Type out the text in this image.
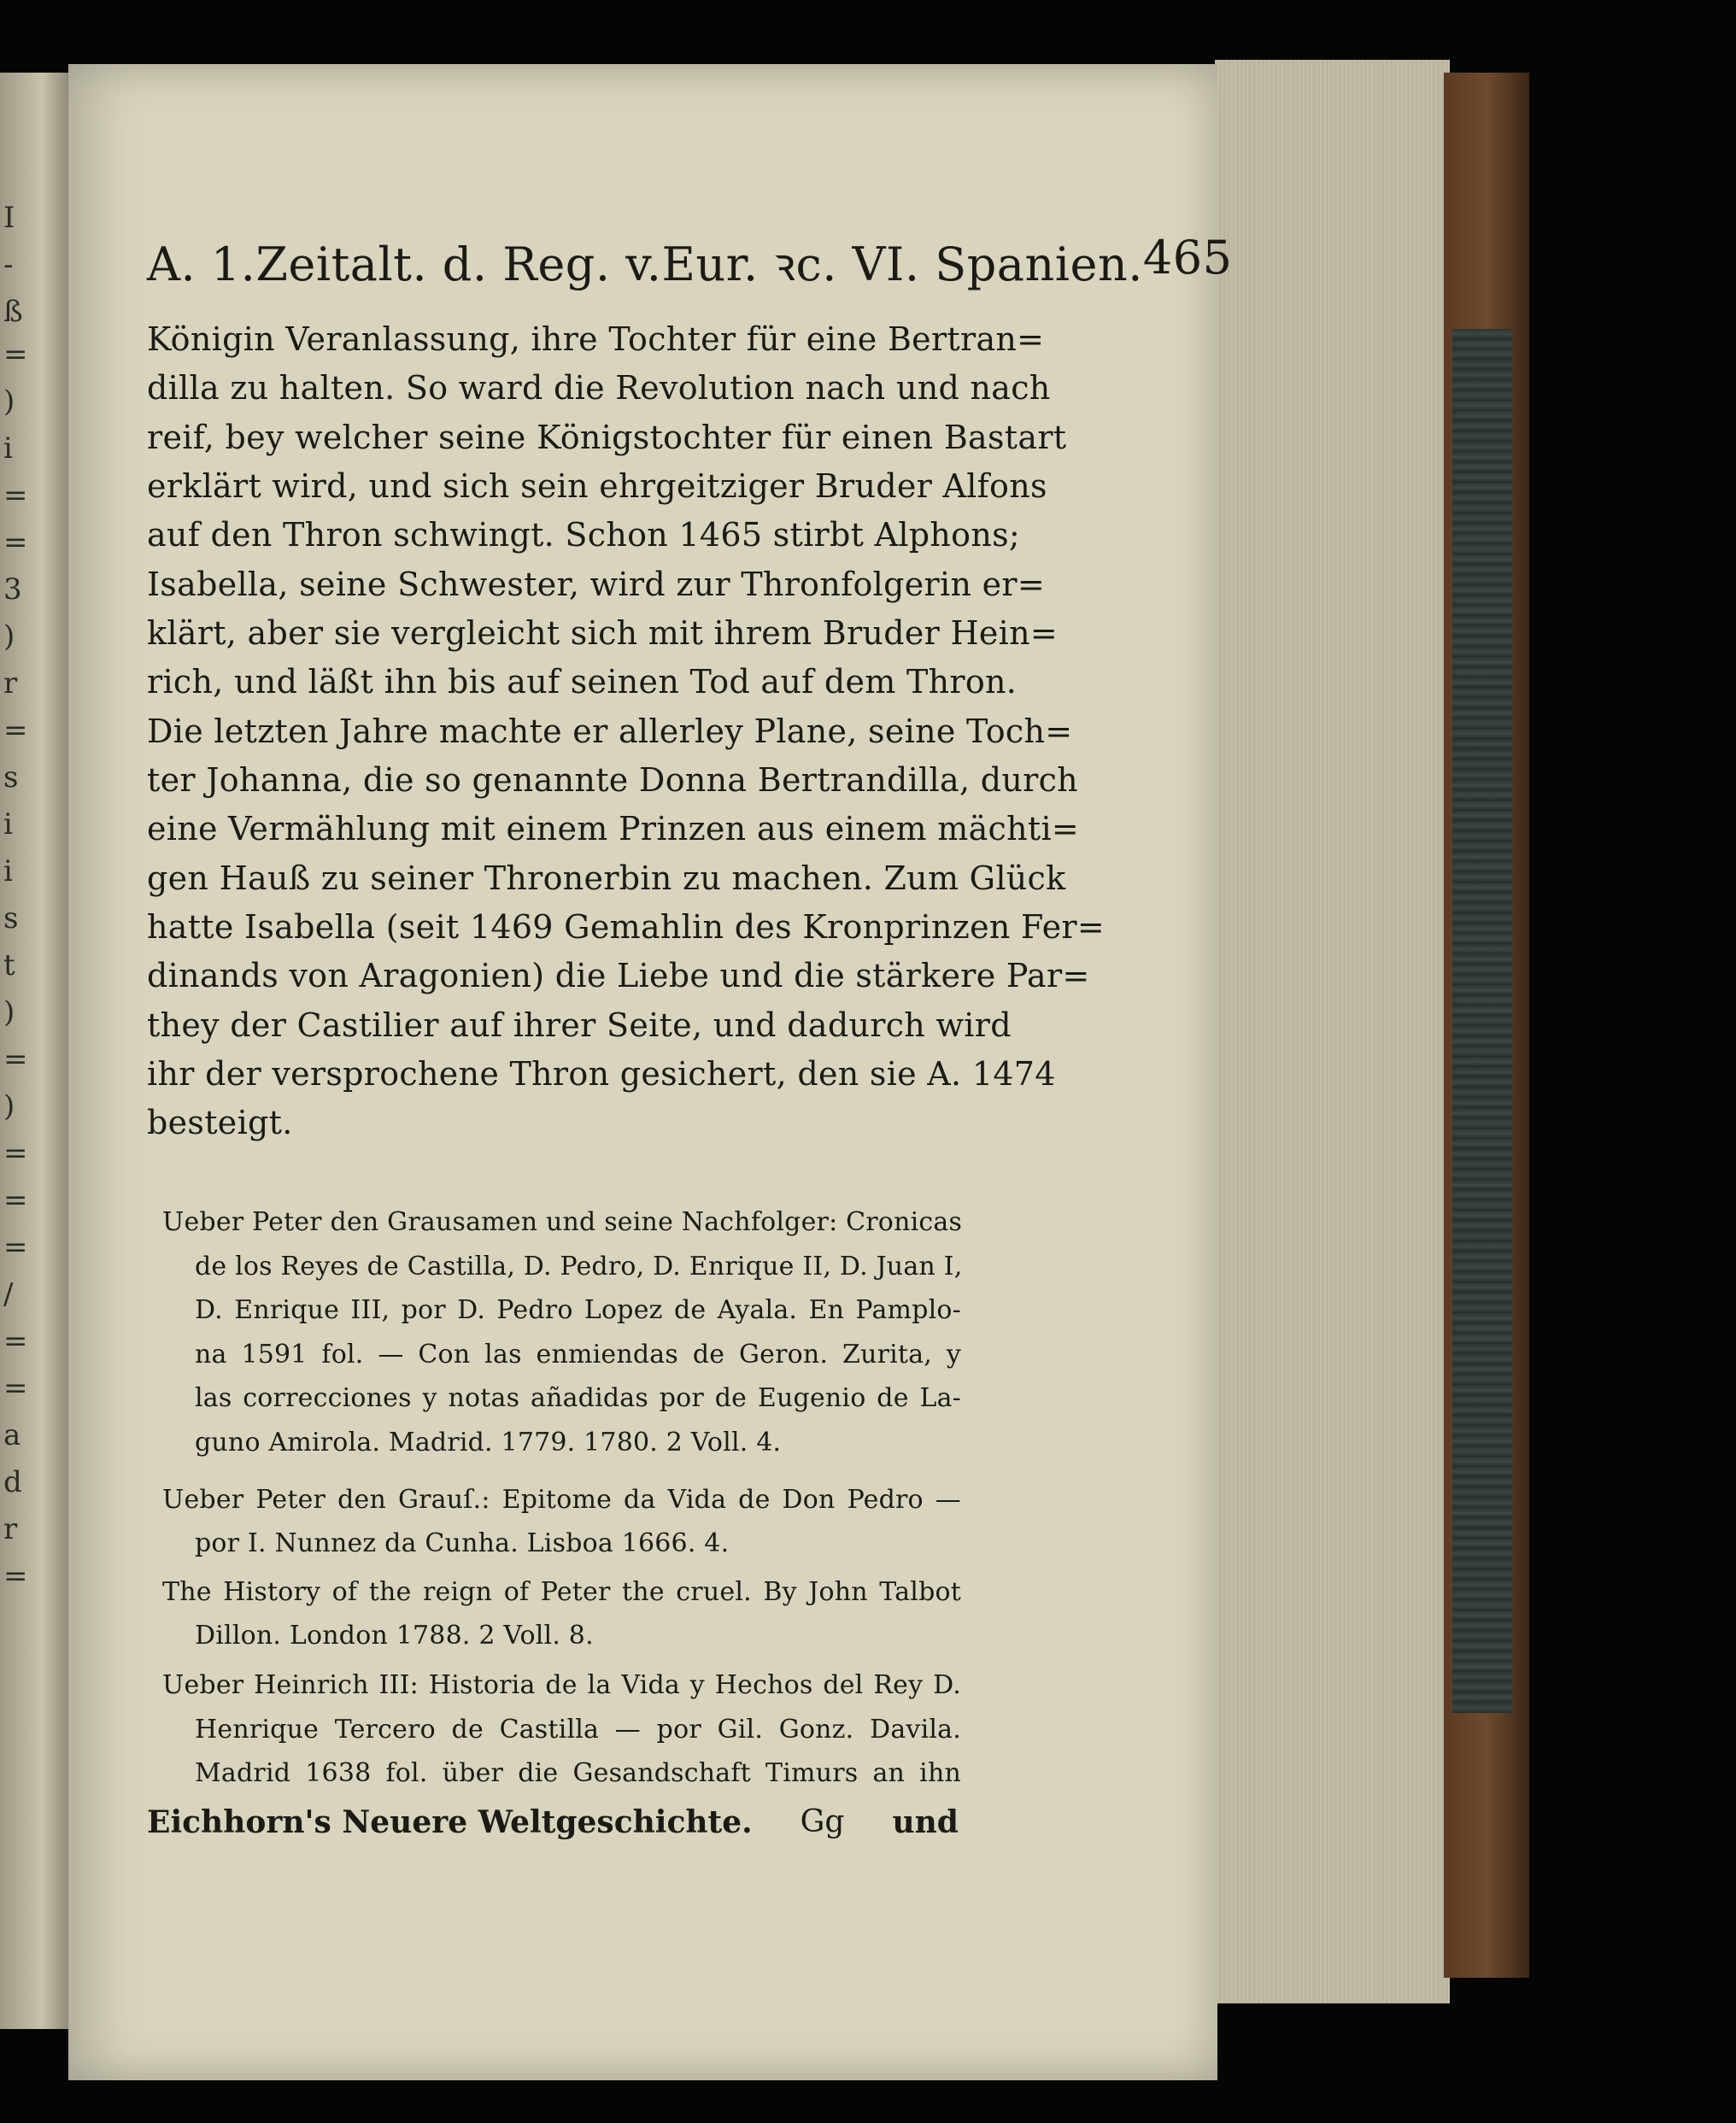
I
-
ß
=
)
i
=
=
3
)
r
=
s
i
i
s
t
)
=
)
=
=
=
/
=
=
a
d
r
=
A. 1.Zeitalt. d. Reg. v.Eur. ꝛc. VI. Spanien. 465
Königin Veranlassung, ihre Tochter für eine Bertran=
dilla zu halten. So ward die Revolution nach und nach
reif, bey welcher seine Königstochter für einen Bastart
erklärt wird, und sich sein ehrgeitziger Bruder Alfons
auf den Thron schwingt. Schon 1465 stirbt Alphons;
Isabella, seine Schwester, wird zur Thronfolgerin er=
klärt, aber sie vergleicht sich mit ihrem Bruder Hein=
rich, und läßt ihn bis auf seinen Tod auf dem Thron.
Die letzten Jahre machte er allerley Plane, seine Toch=
ter Johanna, die so genannte Donna Bertrandilla, durch
eine Vermählung mit einem Prinzen aus einem mächti=
gen Hauß zu seiner Thronerbin zu machen. Zum Glück
hatte Isabella (seit 1469 Gemahlin des Kronprinzen Fer=
dinands von Aragonien) die Liebe und die stärkere Par=
they der Castilier auf ihrer Seite, und dadurch wird
ihr der versprochene Thron gesichert, den sie A. 1474
besteigt.
Ueber Peter den Grausamen und seine Nachfolger: Cronicas
de los Reyes de Castilla, D. Pedro, D. Enrique II, D. Juan I,
D. Enrique III, por D. Pedro Lopez de Ayala. En Pamplo-
na 1591 fol. — Con las enmiendas de Geron. Zurita, y
las correcciones y notas añadidas por de Eugenio de La-
guno Amirola. Madrid. 1779. 1780. 2 Voll. 4.
Ueber Peter den Grauſ.: Epitome da Vida de Don Pedro —
por I. Nunnez da Cunha. Lisboa 1666. 4.
The History of the reign of Peter the cruel. By John Talbot
Dillon. London 1788. 2 Voll. 8.
Ueber Heinrich III: Historia de la Vida y Hechos del Rey D.
Henrique Tercero de Castilla — por Gil. Gonz. Davila.
Madrid 1638 fol. über die Gesandschaft Timurs an ihn
Eichhorn's Neuere Weltgeschichte. Gg und
